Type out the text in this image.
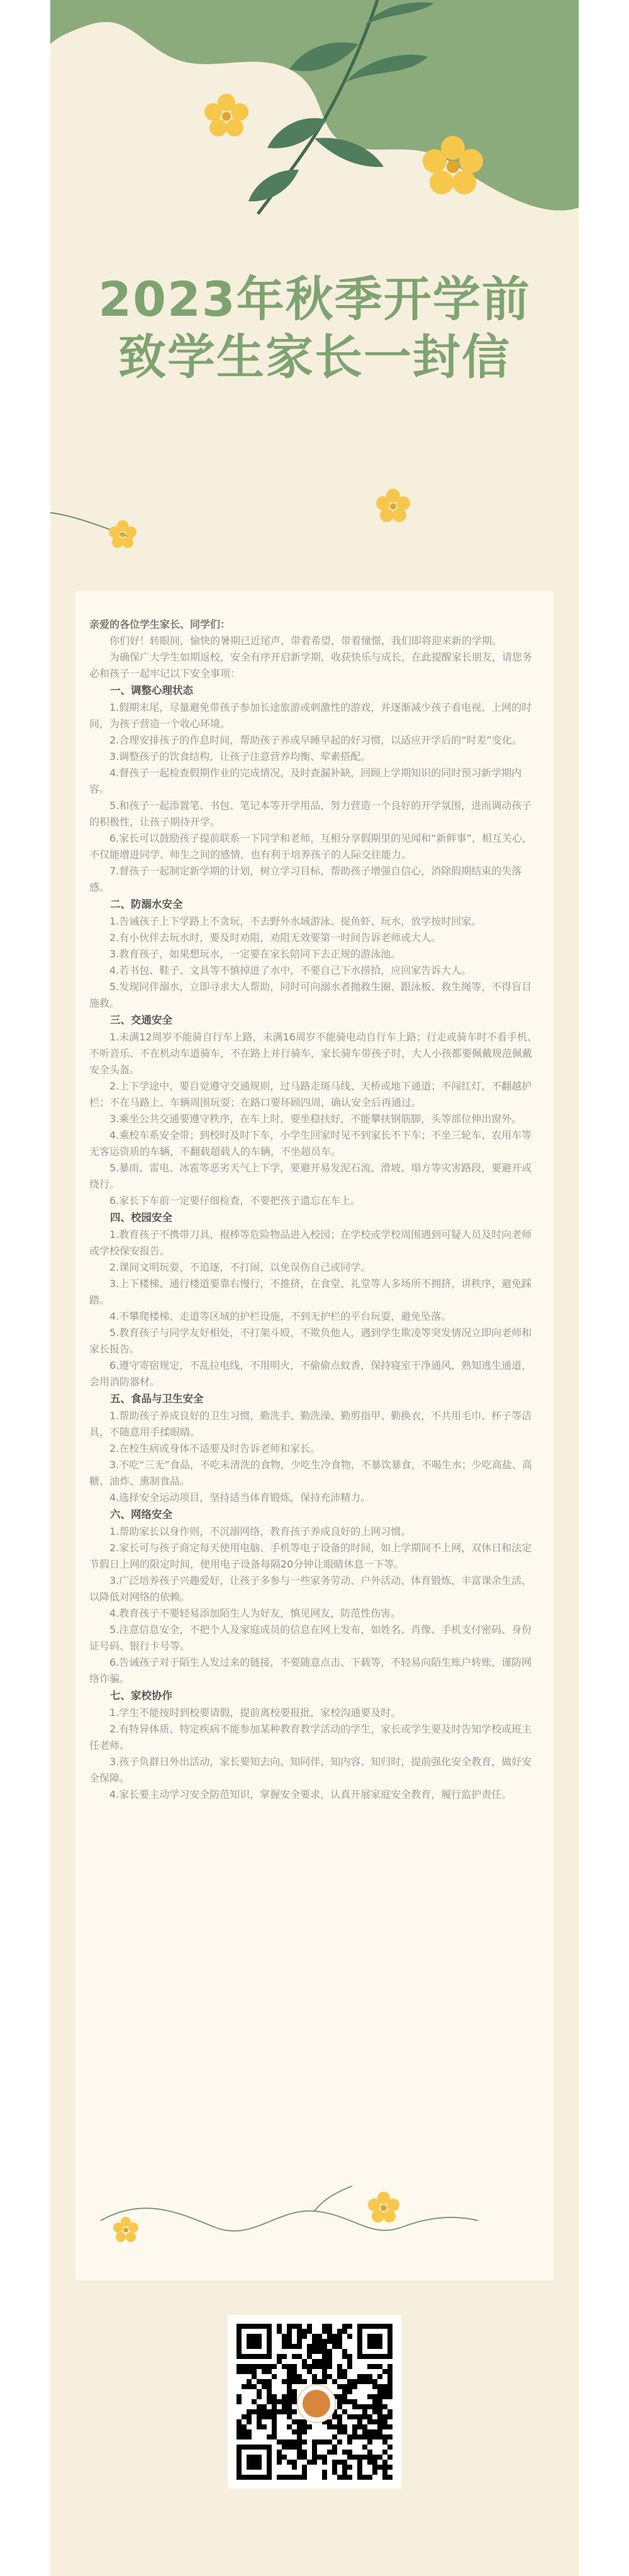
2023年秋季开学前
致学生家长一封信

亲爱的各位学生家长、同学们：

你们好！转眼间，愉快的暑期已近尾声，带着希望，带着憧憬，我们即将迎来新的学期。

为确保广大学生如期返校，安全有序开启新学期，收获快乐与成长，在此提醒家长朋友，请您务必和孩子一起牢记以下安全事项：

一、调整心理状态

1.假期末尾，尽量避免带孩子参加长途旅游或刺激性的游戏，并逐渐减少孩子看电视、上网的时间，为孩子营造一个收心环境。

2.合理安排孩子的作息时间，帮助孩子养成早睡早起的好习惯，以适应开学后的“时差”变化。

3.调整孩子的饮食结构，让孩子注意营养均衡、荤素搭配。

4.督孩子一起检查假期作业的完成情况，及时查漏补缺，回顾上学期知识的同时预习新学期内容。

5.和孩子一起添置笔、书包、笔记本等开学用品，努力营造一个良好的开学氛围，进而调动孩子的积极性，让孩子期待开学。

6.家长可以鼓励孩子提前联系一下同学和老师，互相分享假期里的见闻和“新鲜事”，相互关心，不仅能增进同学、师生之间的感情，也有利于培养孩子的人际交往能力。

7.督孩子一起制定新学期的计划，树立学习目标，帮助孩子增强自信心，消除假期结束的失落感。

二、防溺水安全

1.告诫孩子上下学路上不贪玩，不去野外水域游泳、捉鱼虾、玩水，放学按时回家。

2.有小伙伴去玩水时，要及时劝阻，劝阻无效要第一时间告诉老师或大人。

3.教育孩子，如果想玩水，一定要在家长陪同下去正规的游泳池。

4.若书包、鞋子、文具等不慎掉进了水中，不要自己下水捞拾，应回家告诉大人。

5.发现同伴溺水，立即寻求大人帮助，同时可向溺水者抛救生圈、跟泳板、救生绳等，不得盲目施救。

三、交通安全

1.未满12周岁不能骑自行车上路，未满16周岁不能骑电动自行车上路；行走或骑车时不看手机、不听音乐、不在机动车道骑车，不在路上并行骑车，家长骑车带孩子时，大人小孩都要佩戴规范佩戴安全头盔。

2.上下学途中，要自觉遵守交通规则，过马路走斑马线、天桥或地下通道；不闯红灯，不翻越护栏；不在马路上、车辆周围玩耍；在路口要环顾四周，确认安全后再通过。

3.乘坐公共交通要遵守秩序，在车上时，要坐稳扶好，不能攀扶钢筋脚，头等部位伸出窗外。

4.乘校车系安全带；到校时及时下车，小学生回家时见不到家长不下车；不坐三轮车、农用车等无客运资质的车辆，不翻载超载人的车辆，不坐超员车。

5.暴雨、雷电、冰雹等恶劣天气上下学，要避开易发泥石流、滑坡、塌方等灾害路段，要避开或绕行。

6.家长下车前一定要仔细检查，不要把孩子遗忘在车上。

四、校园安全

1.教育孩子不携带刀具，棍棒等危险物品进入校园；在学校或学校周围遇到可疑人员及时向老师或学校保安报告。

2.课间文明玩耍，不追逐，不打闹，以免误伤自己或同学。

3.上下楼梯、通行楼道要靠右慢行，不推挤，在食堂、礼堂等人多场所不拥挤，讲秩序，避免踩踏。

4.不攀爬楼梯、走道等区域的护栏设施，不到无护栏的平台玩耍，避免坠落。

5.教育孩子与同学友好相处，不打架斗殴，不欺负他人，遇到学生欺凌等突发情况立即向老师和家长报告。

6.遵守寄宿规定，不乱拉电线，不用明火，不偷偷点蚊香，保持寝室干净通风，熟知逃生通道，会用消防器材。

五、食品与卫生安全

1.帮助孩子养成良好的卫生习惯，勤洗手、勤洗澡、勤剪指甲、勤换衣，不共用毛巾、杯子等洁具，不随意用手揉眼睛。

2.在校生病或身体不适要及时告诉老师和家长。

3.不吃“三无”食品，不吃未清洗的食物，少吃生冷食物，不暴饮暴食，不喝生水；少吃高盐、高糖、油炸、熏制食品。

4.选择安全运动项目，坚持适当体育锻炼，保持充沛精力。

六、网络安全

1.帮助家长以身作则，不沉溺网络，教育孩子养成良好的上网习惯。

2.家长可与孩子商定每天使用电脑、手机等电子设备的时间，如上学期间不上网，双休日和法定节假日上网的限定时间，使用电子设备每隔20分钟让眼睛休息一下等。

3.广泛培养孩子兴趣爱好，让孩子多参与一些家务劳动、户外活动、体育锻炼，丰富课余生活，以降低对网络的依赖。

4.教育孩子不要轻易添加陌生人为好友，慎见网友，防范性伤害。

5.注意信息安全，不把个人及家庭成员的信息在网上发布，如姓名、肖像、手机支付密码、身份证号码、银行卡号等。

6.告诫孩子对于陌生人发过来的链接，不要随意点击、下载等，不轻易向陌生账户转账，谨防网络诈骗。

七、家校协作

1.学生不能按时到校要请假，提前离校要报批，家校沟通要及时。

2.有特异体质、特定疾病不能参加某种教育教学活动的学生，家长或学生要及时告知学校或班主任老师。

3.孩子负群日外出活动，家长要知去向、知同伴、知内容、知归时，提前强化安全教育，做好安全保障。

4.家长要主动学习安全防范知识，掌握安全要求，认真开展家庭安全教育，履行监护责任。
